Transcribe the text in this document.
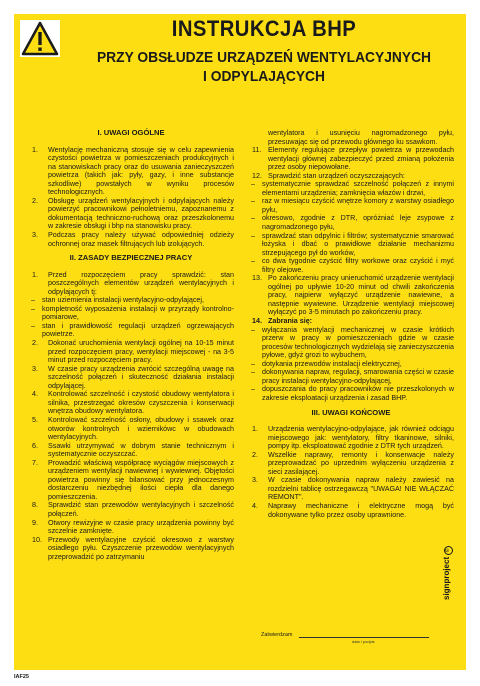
INSTRUKCJA BHP
PRZY OBSŁUDZE URZĄDZEŃ WENTYLACYJNYCH
I ODPYLAJĄCYCH
I. UWAGI OGÓLNE
1. Wentylację mechaniczną stosuje się w celu zapewnienia czystości powietrza w pomieszczeniach produkcyjnych i na stanowiskach pracy oraz do usuwania zanieczyszczeń powietrza (takich jak: pyły, gazy, i inne substancje szkodliwe) powstałych w wyniku procesów technologicznych.
2. Obsługę urządzeń wentylacyjnych i odpylających należy powierzyć pracownikowi pełnoletniemu, zapoznanemu z dokumentacją techniczno-ruchową oraz przeszkolonemu w zakresie obsługi i bhp na stanowisku pracy.
3. Podczas pracy należy używać odpowiedniej odzieży ochronnej oraz masek filtrujących lub izolujących.
II. ZASADY BEZPIECZNEJ PRACY
1. Przed rozpoczęciem pracy sprawdzić: stan poszczególnych elementów urządzeń wentylacyjnych i odpylających tj:
– stan uziemienia instalacji wentylacyjno-odpylającej,
– kompletność wyposażenia instalacji w przyrządy kontrolno-pomiarowe,
– stan i prawidłowość regulacji urządzeń ogrzewających powietrze.
2. Dokonać uruchomienia wentylacji ogólnej na 10-15 minut przed rozpoczęciem pracy, wentylacji miejscowej - na 3-5 minut przed rozpoczęciem pracy.
3. W czasie pracy urządzenia zwrócić szczególną uwagę na szczelność połączeń i skuteczność działania instalacji odpylającej.
4. Kontrolować szczelność i czystość obudowy wentylatora i silnika, przestrzegać okresów czyszczenia i konserwacji wnętrza obudowy wentylatora.
5. Kontrolować szczelność osłony, obudowy i ssawek oraz otworów kontrolnych i wziernikówc w obudowach wentylacyjnych.
6. Ssawki utrzymywać w dobrym stanie technicznym i systematycznie oczyszczać.
7. Prowadzić właściwą współpracę wyciągów miejscowych z urządzeniem wentylacji nawiewnej i wywiewnej. Objętości powietrza powinny się bilansować przy jednoczesnym dostarczeniu niezbędnej ilości ciepła dla danego pomieszczenia.
8. Sprawdzić stan przewodów wentylacyjnych i szczelność połączeń.
9. Otwory rewizyjne w czasie pracy urządzenia powinny być szczelnie zamknięte.
10. Przewody wentylacyjne czyścić okresowo z warstwy osiadłego pyłu. Czyszczenie przewodów wentylacyjnych przeprowadzić po zatrzymaniu
wentylatora i usunięciu nagromadzonego pyłu, przesuwając się od przewodu głównego ku ssawkom.
11. Elementy regulujące przepływ powietrza w przewodach wentylacji głównej zabezpieczyć przed zmianą położenia przez osoby niepowołane.
12. Sprawdzić stan urządzeń oczyszczających:
– systematycznie sprawdzać szczelność połączeń z innymi elementami urządzenia; zamknięcia włazów i drzwi,
– raz w miesiącu czyścić wnętrze komory z warstwy osiadłego pyłu,
– okresowo, zgodnie z DTR, opróżniać leje zsypowe z nagromadzonego pyłu,
– sprawdzać stan odpylnic i filtrów; systematycznie smarować łożyska i dbać o prawidłowe działanie mechanizmu strzepującego pył do worków,
– co dwa tygodnie czyścić filtry workowe oraz czyścić i myć filtry olejowe.
13. Po zakończeniu pracy unieruchomić urządzenie wentylacji ogólnej po upływie 10-20 minut od chwili zakończenia pracy, najpierw wyłączyć urządzenie nawiewne, a następnie wywiewne. Urządzenie wentylacji miejscowej wyłączyć po 3-5 minutach po zakończeniu pracy.
14. Zabrania się:
– wyłączania wentylacji mechanicznej w czasie krótkich przerw w pracy w pomieszczeniach gdzie w czasie procesów technologicznych wydzielają się zanieczyszczenia pyłowe, gdyż grozi to wybuchem,
– dotykania przewodów instalacji elektrycznej,
– dokonywania napraw, regulacji, smarowania części w czasie pracy instalacji wentylacyjno-odpylającej,
– dopuszczania do pracy pracowników nie przeszkolonych w zakresie eksploatacji urządzenia i zasad BHP.
III. UWAGI KOŃCOWE
1. Urządzenia wentylacyjno-odpylające, jak również odciągu miejscowego jak: wentylatory, filtry tkaninowe, silniki, pompy itp. eksploatować zgodnie z DTR tych urządzeń.
2. Wszelkie naprawy, remonty i konserwacje należy przeprowadzać po uprzednim wyłączeniu urządzenia z sieci zasilającej.
3. W czasie dokonywania napraw należy zawiesić na rozdzielni tablicę ostrzegawczą "UWAGA! NIE WŁĄCZAĆ REMONT".
4. Naprawy mechaniczne i elektryczne mogą być dokonywane tylko przez osoby uprawnione.
Zatwierdzam
data i podpis
signproject©
IAF25
